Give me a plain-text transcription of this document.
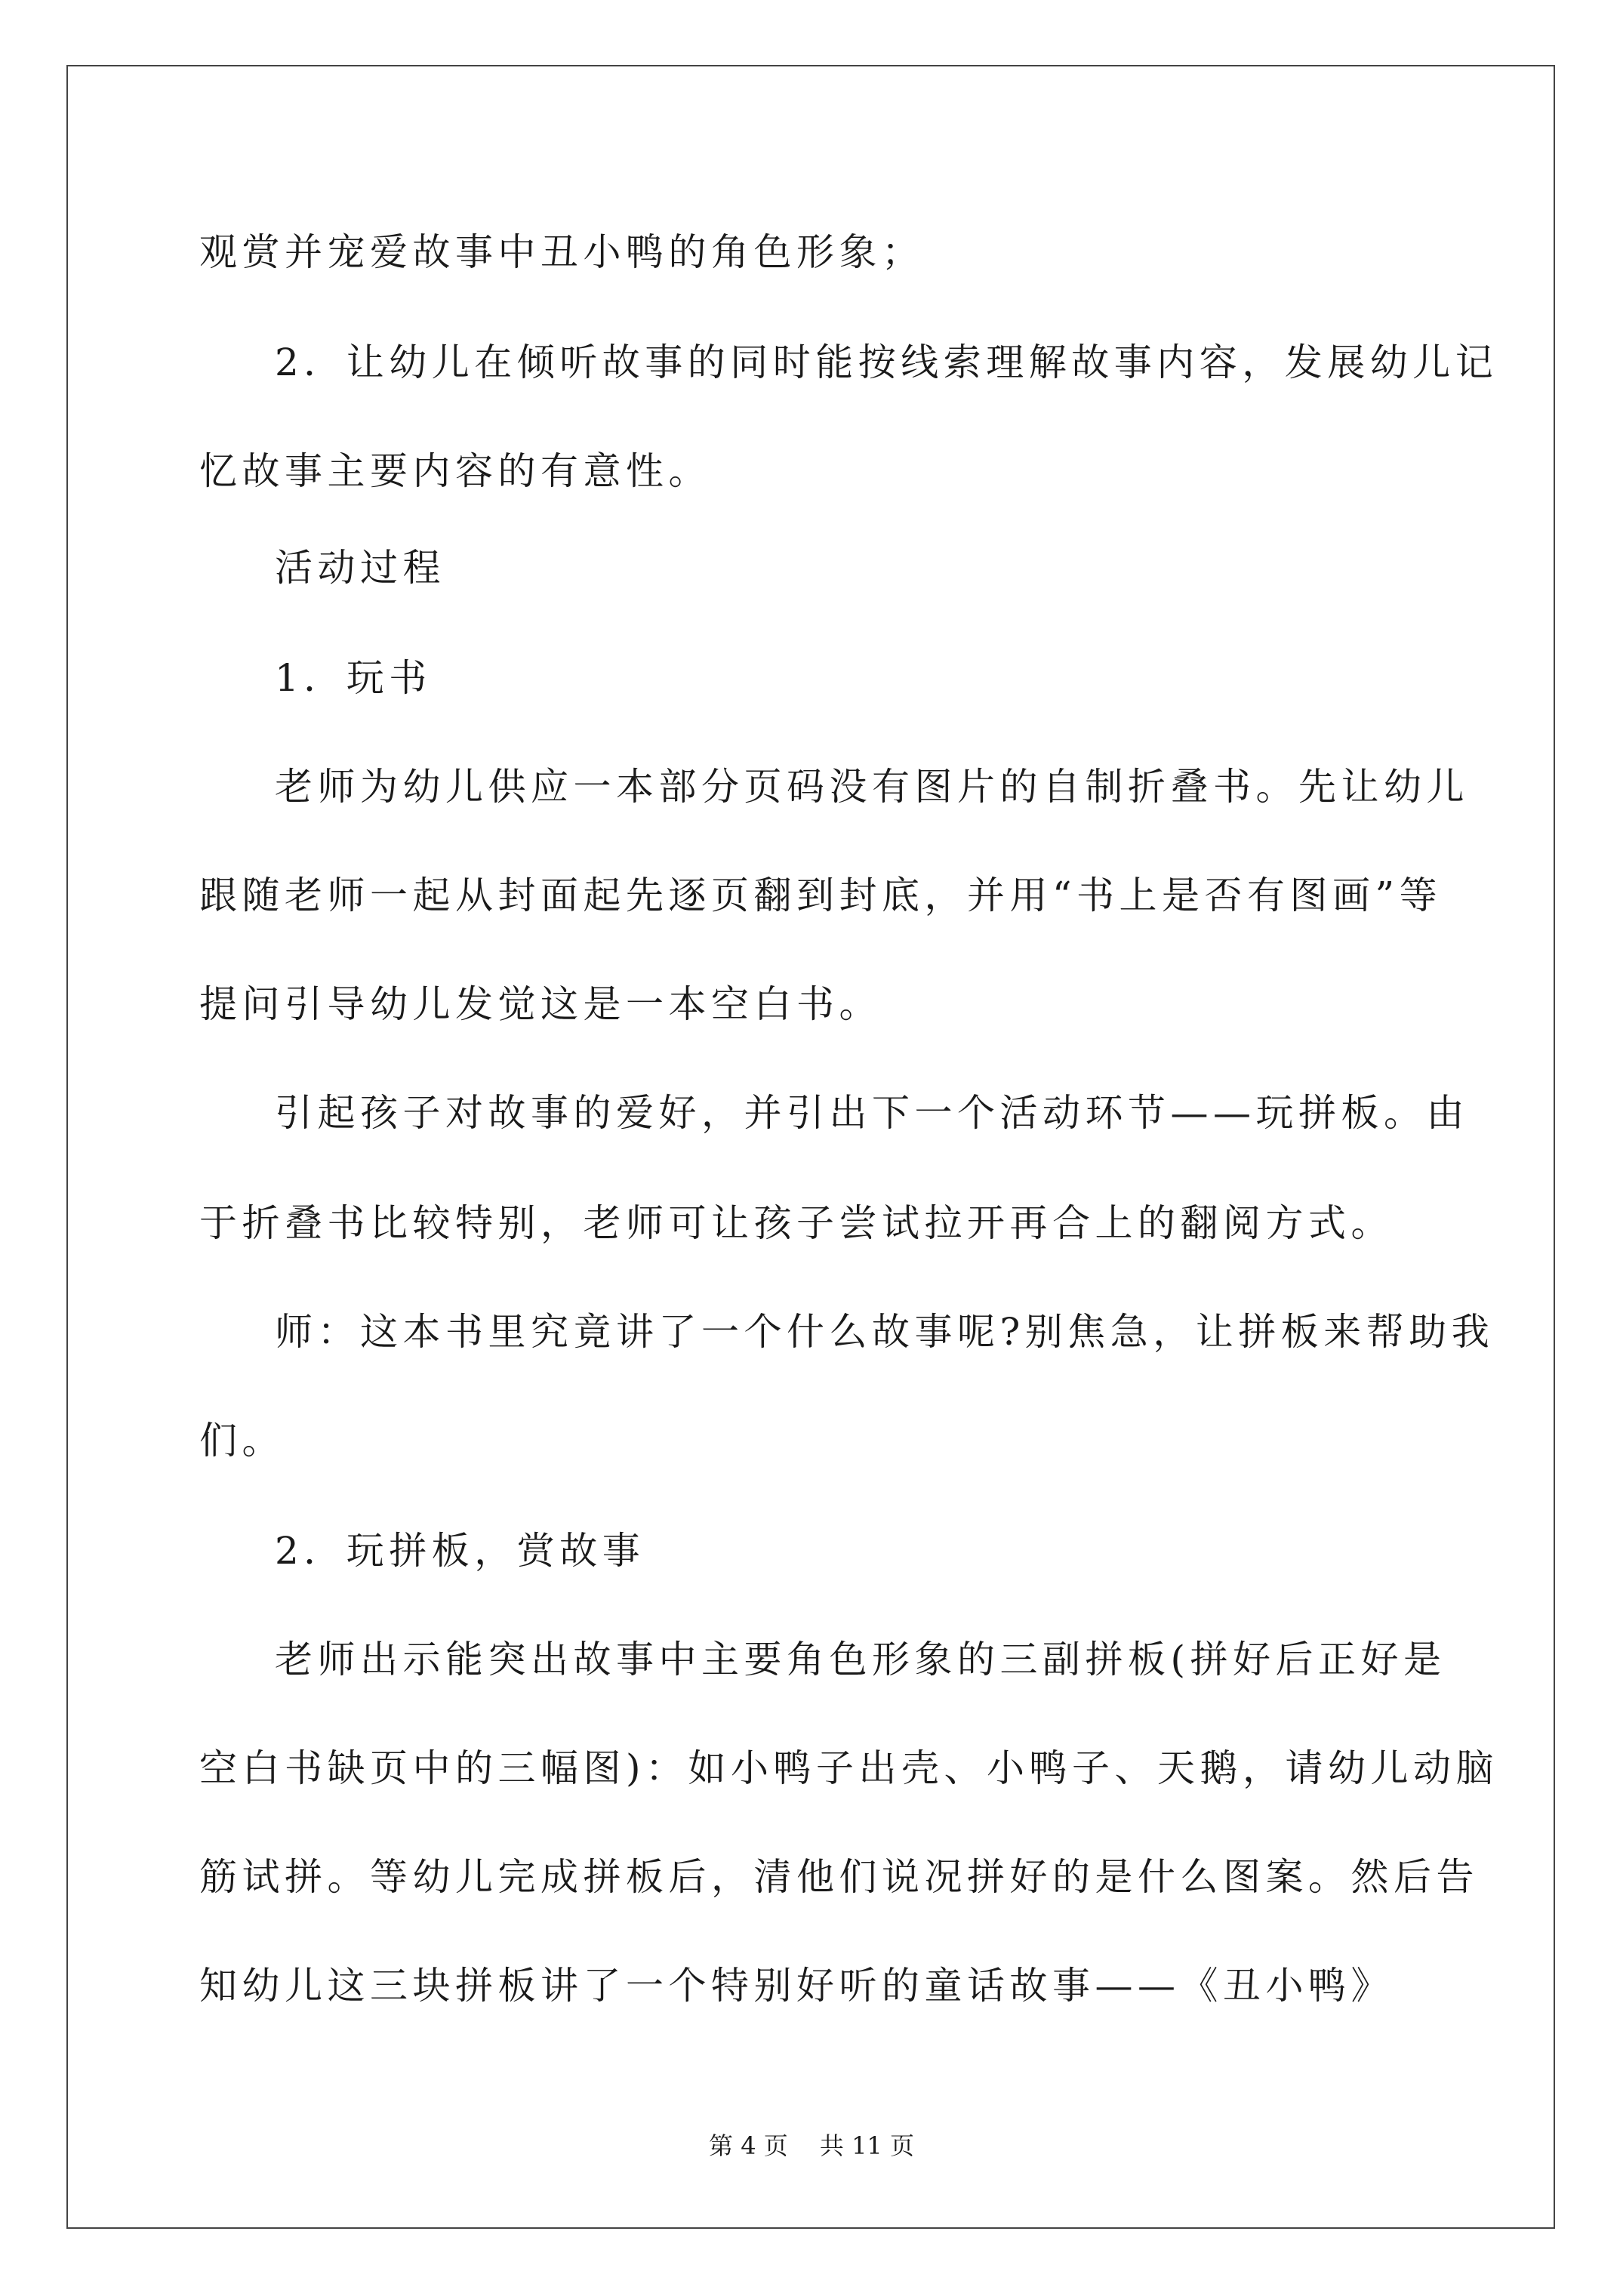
观赏并宠爱故事中丑小鸭的角色形象；
2．让幼儿在倾听故事的同时能按线索理解故事内容，发展幼儿记
忆故事主要内容的有意性。
活动过程
1．玩书
老师为幼儿供应一本部分页码没有图片的自制折叠书。先让幼儿
跟随老师一起从封面起先逐页翻到封底，并用“书上是否有图画”等
提问引导幼儿发觉这是一本空白书。
引起孩子对故事的爱好，并引出下一个活动环节——玩拼板。由
于折叠书比较特别，老师可让孩子尝试拉开再合上的翻阅方式。
师：这本书里究竟讲了一个什么故事呢?别焦急，让拼板来帮助我
们。
2．玩拼板，赏故事
老师出示能突出故事中主要角色形象的三副拼板(拼好后正好是
空白书缺页中的三幅图)：如小鸭子出壳、小鸭子、天鹅，请幼儿动脑
筋试拼。等幼儿完成拼板后，清他们说况拼好的是什么图案。然后告
知幼儿这三块拼板讲了一个特别好听的童话故事——《丑小鸭》
第 4 页　 共 11 页
